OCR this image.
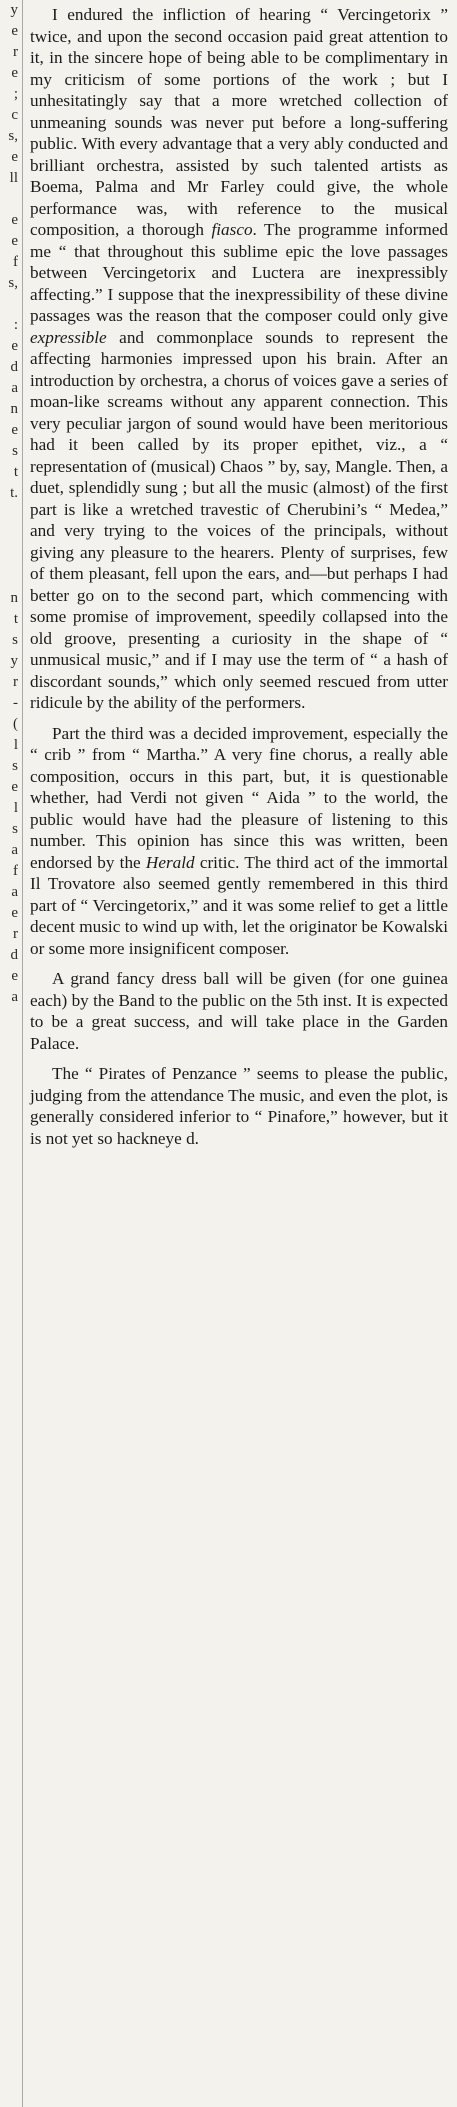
y
e
r
e
;
c
s,
e
ll
e
e
f
s,
:
e
d
a
n
e
s
t
t.
n
t
s
y
r
-
(
l
s
e
l
s
a
f
a
e
r
d
e
a

I endured the infliction of hearing “ Vercingetorix ” twice, and upon the second occasion paid great attention to it, in the sincere hope of being able to be complimentary in my criticism of some portions of the work ; but I unhesitatingly say that a more wretched collection of unmeaning sounds was never put before a long-suffering public. With every advantage that a very ably conducted and brilliant orchestra, assisted by such talented artists as Boema, Palma and Mr Farley could give, the whole performance was, with reference to the musical composition, a thorough fiasco. The programme informed me “ that throughout this sublime epic the love passages between Vercingetorix and Luctera are inexpressibly affecting.” I suppose that the inexpressibility of these divine passages was the reason that the composer could only give expressible and commonplace sounds to represent the affecting harmonies impressed upon his brain. After an introduction by orchestra, a chorus of voices gave a series of moan-like screams without any apparent connection. This very peculiar jargon of sound would have been meritorious had it been called by its proper epithet, viz., a “ representation of (musical) Chaos ” by, say, Mangle. Then, a duet, splendidly sung ; but all the music (almost) of the first part is like a wretched travestic of Cherubini’s “ Medea,” and very trying to the voices of the principals, without giving any pleasure to the hearers. Plenty of surprises, few of them pleasant, fell upon the ears, and—but perhaps I had better go on to the second part, which commencing with some promise of improvement, speedily collapsed into the old groove, presenting a curiosity in the shape of “ unmusical music,” and if I may use the term of “ a hash of discordant sounds,” which only seemed rescued from utter ridicule by the ability of the performers.

Part the third was a decided improvement, especially the “ crib ” from “ Martha.” A very fine chorus, a really able composition, occurs in this part, but, it is questionable whether, had Verdi not given “ Aida ” to the world, the public would have had the pleasure of listening to this number. This opinion has since this was written, been endorsed by the Herald critic. The third act of the immortal Il Trovatore also seemed gently remembered in this third part of “ Vercingetorix,” and it was some relief to get a little decent music to wind up with, let the originator be Kowalski or some more insignificent composer.

A grand fancy dress ball will be given (for one guinea each) by the Band to the public on the 5th inst. It is expected to be a great success, and will take place in the Garden Palace.

The “ Pirates of Penzance ” seems to please the public, judging from the attendance The music, and even the plot, is generally considered inferior to “ Pinafore,” however, but it is not yet so hackneye d.
